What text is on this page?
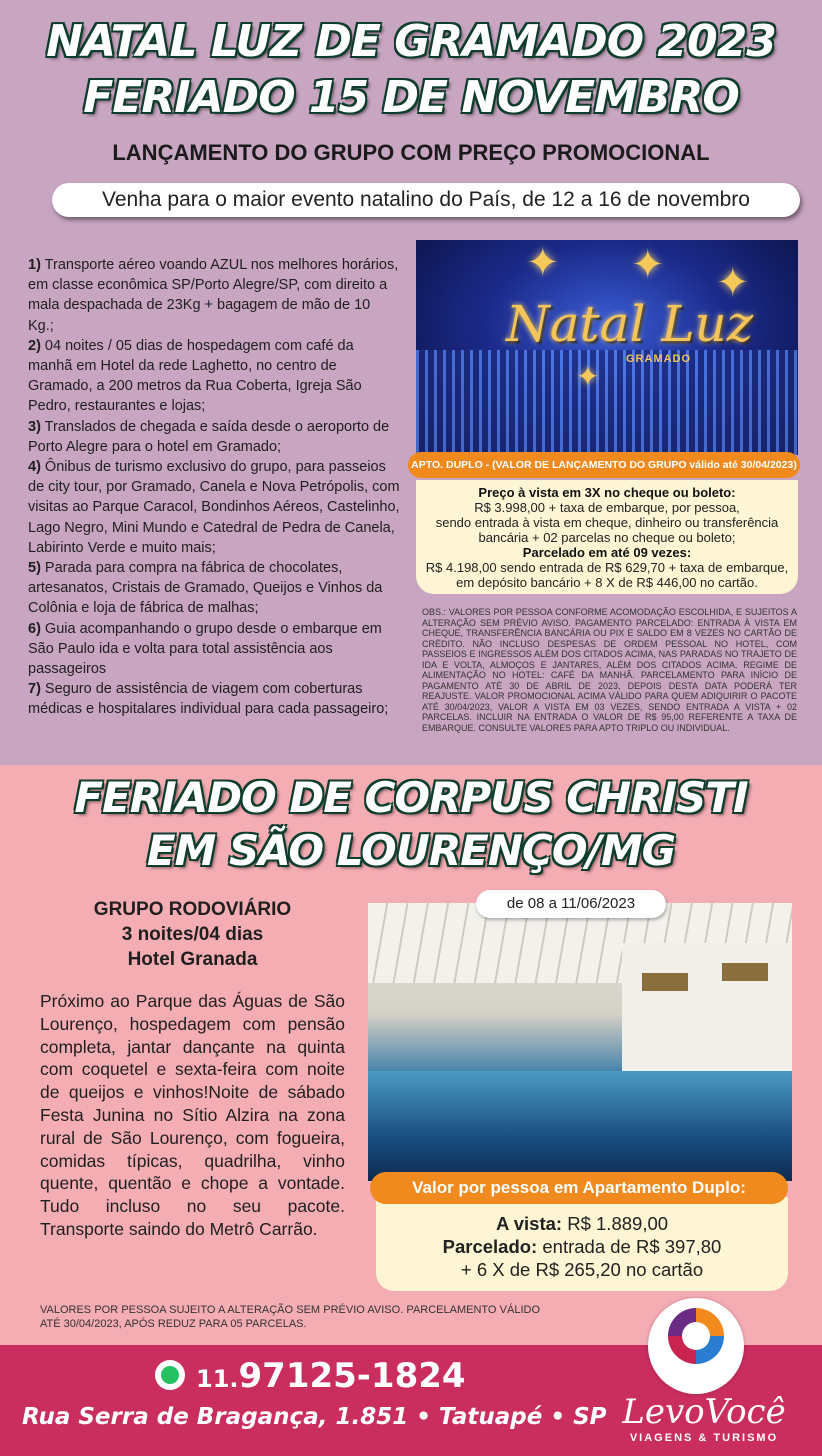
NATAL LUZ DE GRAMADO 2023
FERIADO 15 DE NOVEMBRO
LANÇAMENTO DO GRUPO COM PREÇO PROMOCIONAL
Venha para o maior evento natalino do País, de 12 a 16 de novembro
1) Transporte aéreo voando AZUL nos melhores horários, em classe econômica SP/Porto Alegre/SP, com direito a mala despachada de 23Kg + bagagem de mão de 10 Kg.;
2) 04 noites / 05 dias de hospedagem com café da manhã em Hotel da rede Laghetto, no centro de Gramado, a 200 metros da Rua Coberta, Igreja São Pedro, restaurantes e lojas;
3) Translados de chegada e saída desde o aeroporto de Porto Alegre para o hotel em Gramado;
4) Ônibus de turismo exclusivo do grupo, para passeios de city tour, por Gramado, Canela e Nova Petrópolis, com visitas ao Parque Caracol, Bondinhos Aéreos, Castelinho, Lago Negro, Mini Mundo e Catedral de Pedra de Canela, Labirinto Verde e muito mais;
5) Parada para compra na fábrica de chocolates, artesanatos, Cristais de Gramado, Queijos e Vinhos da Colônia e loja de fábrica de malhas;
6) Guia acompanhando o grupo desde o embarque em São Paulo ida e volta para total assistência aos passageiros
7) Seguro de assistência de viagem com coberturas médicas e hospitalares individual para cada passageiro;
✦ ✦ ✦
✦
Natal Luz
GRAMADO
APTO. DUPLO - (VALOR DE LANÇAMENTO DO GRUPO válido até 30/04/2023)
Preço à vista em 3X no cheque ou boleto:
R$ 3.998,00 + taxa de embarque, por pessoa,
sendo entrada à vista em cheque, dinheiro ou transferência
bancária + 02 parcelas no cheque ou boleto;
Parcelado em até 09 vezes:
R$ 4.198,00 sendo entrada de R$ 629,70 + taxa de embarque,
em depósito bancário + 8 X de R$ 446,00 no cartão.
OBS.: VALORES POR PESSOA CONFORME ACOMODAÇÃO ESCOLHIDA, E SUJEITOS A ALTERAÇÃO SEM PRÉVIO AVISO. PAGAMENTO PARCELADO: ENTRADA À VISTA EM CHEQUE, TRANSFERÊNCIA BANCÁRIA OU PIX E SALDO EM 8 VEZES NO CARTÃO DE CRÉDITO. NÃO INCLUSO DESPESAS DE ORDEM PESSOAL NO HOTEL, COM PASSEIOS E INGRESSOS ALÉM DOS CITADOS ACIMA, NAS PARADAS NO TRAJETO DE IDA E VOLTA, ALMOÇOS E JANTARES, ALÉM DOS CITADOS ACIMA. REGIME DE ALIMENTAÇÃO NO HOTEL: CAFÉ DA MANHÃ. PARCELAMENTO PARA INÍCIO DE PAGAMENTO ATÉ 30 DE ABRIL DE 2023, DEPOIS DESTA DATA PODERÁ TER REAJUSTE. VALOR PROMOCIONAL ACIMA VÁLIDO PARA QUEM ADIQUIRIR O PACOTE ATÉ 30/04/2023, VALOR A VISTA EM 03 VEZES, SENDO ENTRADA A VISTA + 02 PARCELAS. INCLUIR NA ENTRADA O VALOR DE R$ 95,00 REFERENTE A TAXA DE EMBARQUE. CONSULTE VALORES PARA APTO TRIPLO OU INDIVIDUAL.
FERIADO DE CORPUS CHRISTI
EM SÃO LOURENÇO/MG
GRUPO RODOVIÁRIO
3 noites/04 dias
Hotel Granada
Próximo ao Parque das Águas de São Lourenço, hospedagem com pensão completa, jantar dançante na quinta com coquetel e sexta-feira com noite de queijos e vinhos!Noite de sábado Festa Junina no Sítio Alzira na zona rural de São Lourenço, com fogueira, comidas típicas, quadrilha, vinho quente, quentão e chope a vontade. Tudo incluso no seu pacote. Transporte saindo do Metrô Carrão.
de 08 a 11/06/2023
Valor por pessoa em Apartamento Duplo:
A vista: R$ 1.889,00
Parcelado: entrada de R$ 397,80
+ 6 X de R$ 265,20 no cartão
VALORES POR PESSOA SUJEITO A ALTERAÇÃO SEM PRÉVIO AVISO. PARCELAMENTO VÁLIDO ATÉ 30/04/2023, APÓS REDUZ PARA 05 PARCELAS.
11.97125-1824
Rua Serra de Bragança, 1.851 • Tatuapé • SP LevoVocê
VIAGENS & TURISMO
